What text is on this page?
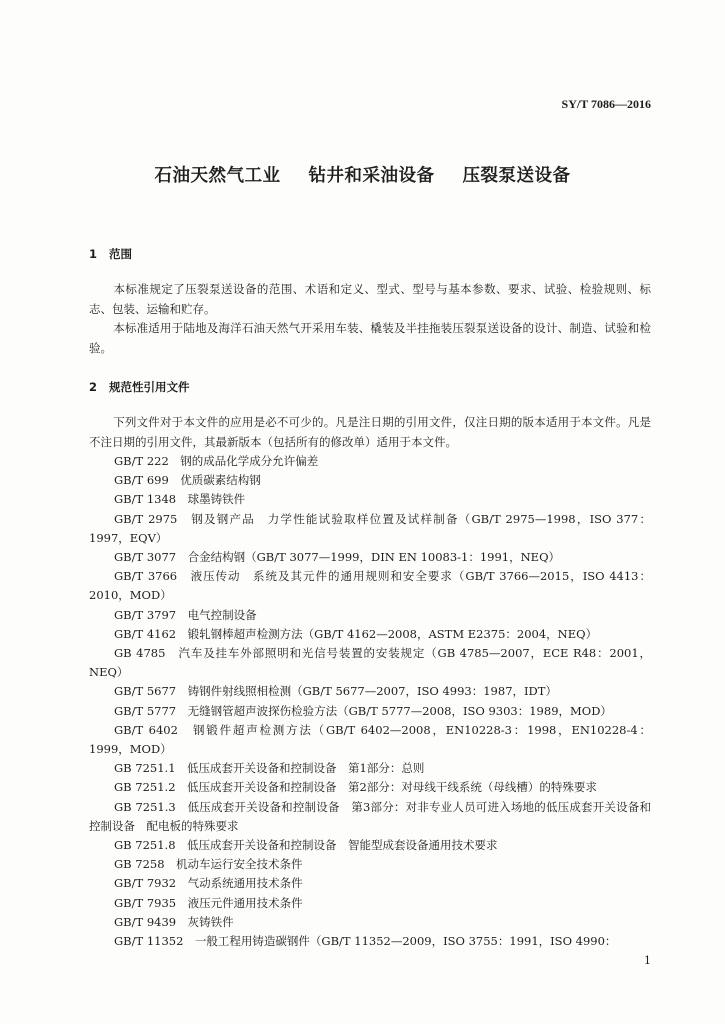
SY/T 7086—2016
石油天然气工业 钻井和采油设备 压裂泵送设备
1 范围
本标准规定了压裂泵送设备的范围、术语和定义、型式、型号与基本参数、要求、试验、检验规则、标志、包装、运输和贮存。
本标准适用于陆地及海洋石油天然气开采用车装、橇装及半挂拖装压裂泵送设备的设计、制造、试验和检验。
2 规范性引用文件
下列文件对于本文件的应用是必不可少的。凡是注日期的引用文件，仅注日期的版本适用于本文件。凡是不注日期的引用文件，其最新版本（包括所有的修改单）适用于本文件。
GB/T 222　钢的成品化学成分允许偏差
GB/T 699　优质碳素结构钢
GB/T 1348　球墨铸铁件
GB/T 2975　钢及钢产品　力学性能试验取样位置及试样制备（GB/T 2975—1998，ISO 377：1997，EQV）
GB/T 3077　合金结构钢（GB/T 3077—1999，DIN EN 10083-1：1991，NEQ）
GB/T 3766　液压传动　系统及其元件的通用规则和安全要求（GB/T 3766—2015，ISO 4413：2010，MOD）
GB/T 3797　电气控制设备
GB/T 4162　锻轧钢棒超声检测方法（GB/T 4162—2008，ASTM E2375：2004，NEQ）
GB 4785　汽车及挂车外部照明和光信号装置的安装规定（GB 4785—2007，ECE R48：2001，NEQ）
GB/T 5677　铸钢件射线照相检测（GB/T 5677—2007，ISO 4993：1987，IDT）
GB/T 5777　无缝钢管超声波探伤检验方法（GB/T 5777—2008，ISO 9303：1989，MOD）
GB/T 6402　钢锻件超声检测方法（GB/T 6402—2008，EN10228-3：1998，EN10228-4：1999，MOD）
GB 7251.1　低压成套开关设备和控制设备　第1部分：总则
GB 7251.2　低压成套开关设备和控制设备　第2部分：对母线干线系统（母线槽）的特殊要求
GB 7251.3　低压成套开关设备和控制设备　第3部分：对非专业人员可进入场地的低压成套开关设备和控制设备　配电板的特殊要求
GB 7251.8　低压成套开关设备和控制设备　智能型成套设备通用技术要求
GB 7258　机动车运行安全技术条件
GB/T 7932　气动系统通用技术条件
GB/T 7935　液压元件通用技术条件
GB/T 9439　灰铸铁件
GB/T 11352　一般工程用铸造碳钢件（GB/T 11352—2009，ISO 3755：1991，ISO 4990：
1
